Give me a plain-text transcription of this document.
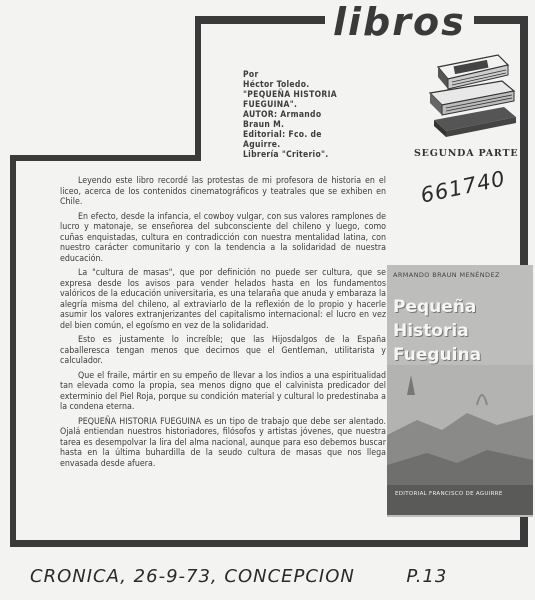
libros
Por
Héctor Toledo.
"PEQUEÑA HISTORIA
FUEGUINA".
AUTOR: Armando
Braun M.
Editorial: Fco. de
Aguirre.
Librería "Criterio".	SEGUNDA PARTE
661740

Leyendo este libro recordé las protestas de mi profesora de historia en el liceo, acerca de los contenidos cinematográficos y teatrales que se exhiben en Chile.

En efecto, desde la infancia, el cowboy vulgar, con sus valores ramplones de lucro y matonaje, se enseñorea del subconsciente del chileno y luego, como cuñas enquistadas, cultura en contradicción con nuestra mentalidad latina, con nuestro carácter comunitario y con la tendencia a la solidaridad de nuestra educación.

La "cultura de masas", que por definición no puede ser cultura, que se expresa desde los avisos para vender helados hasta en los fundamentos valóricos de la educación universitaria, es una telaraña que anuda y embaraza la alegría misma del chileno, al extraviarlo de la reflexión de lo propio y hacerle asumir los valores extranjerizantes del capitalismo internacional: el lucro en vez del bien común, el egoísmo en vez de la solidaridad.

Esto es justamente lo increíble; que las Hijosdalgos de la España caballeresca tengan menos que decirnos que el Gentleman, utilitarista y calculador.

Que el fraile, mártir en su empeño de llevar a los indios a una espiritualidad tan elevada como la propia, sea menos digno que el calvinista predicador del exterminio del Piel Roja, porque su condición material y cultural lo predestinaba a la condena eterna.

PEQUEÑA HISTORIA FUEGUINA es un tipo de trabajo que debe ser alentado. Ojalá entiendan nuestros historiadores, filósofos y artistas jóvenes, que nuestra tarea es desempolvar la lira del alma nacional, aunque para eso debemos buscar hasta en la última buhardilla de la seudo cultura de masas que nos llega envasada desde afuera.

ARMANDO BRAUN MENÉNDEZ
Pequeña Historia
Fueguina
EDITORIAL FRANCISCO DE AGUIRRE
CRONICA, 26-9-73, CONCEPCION	P.13
